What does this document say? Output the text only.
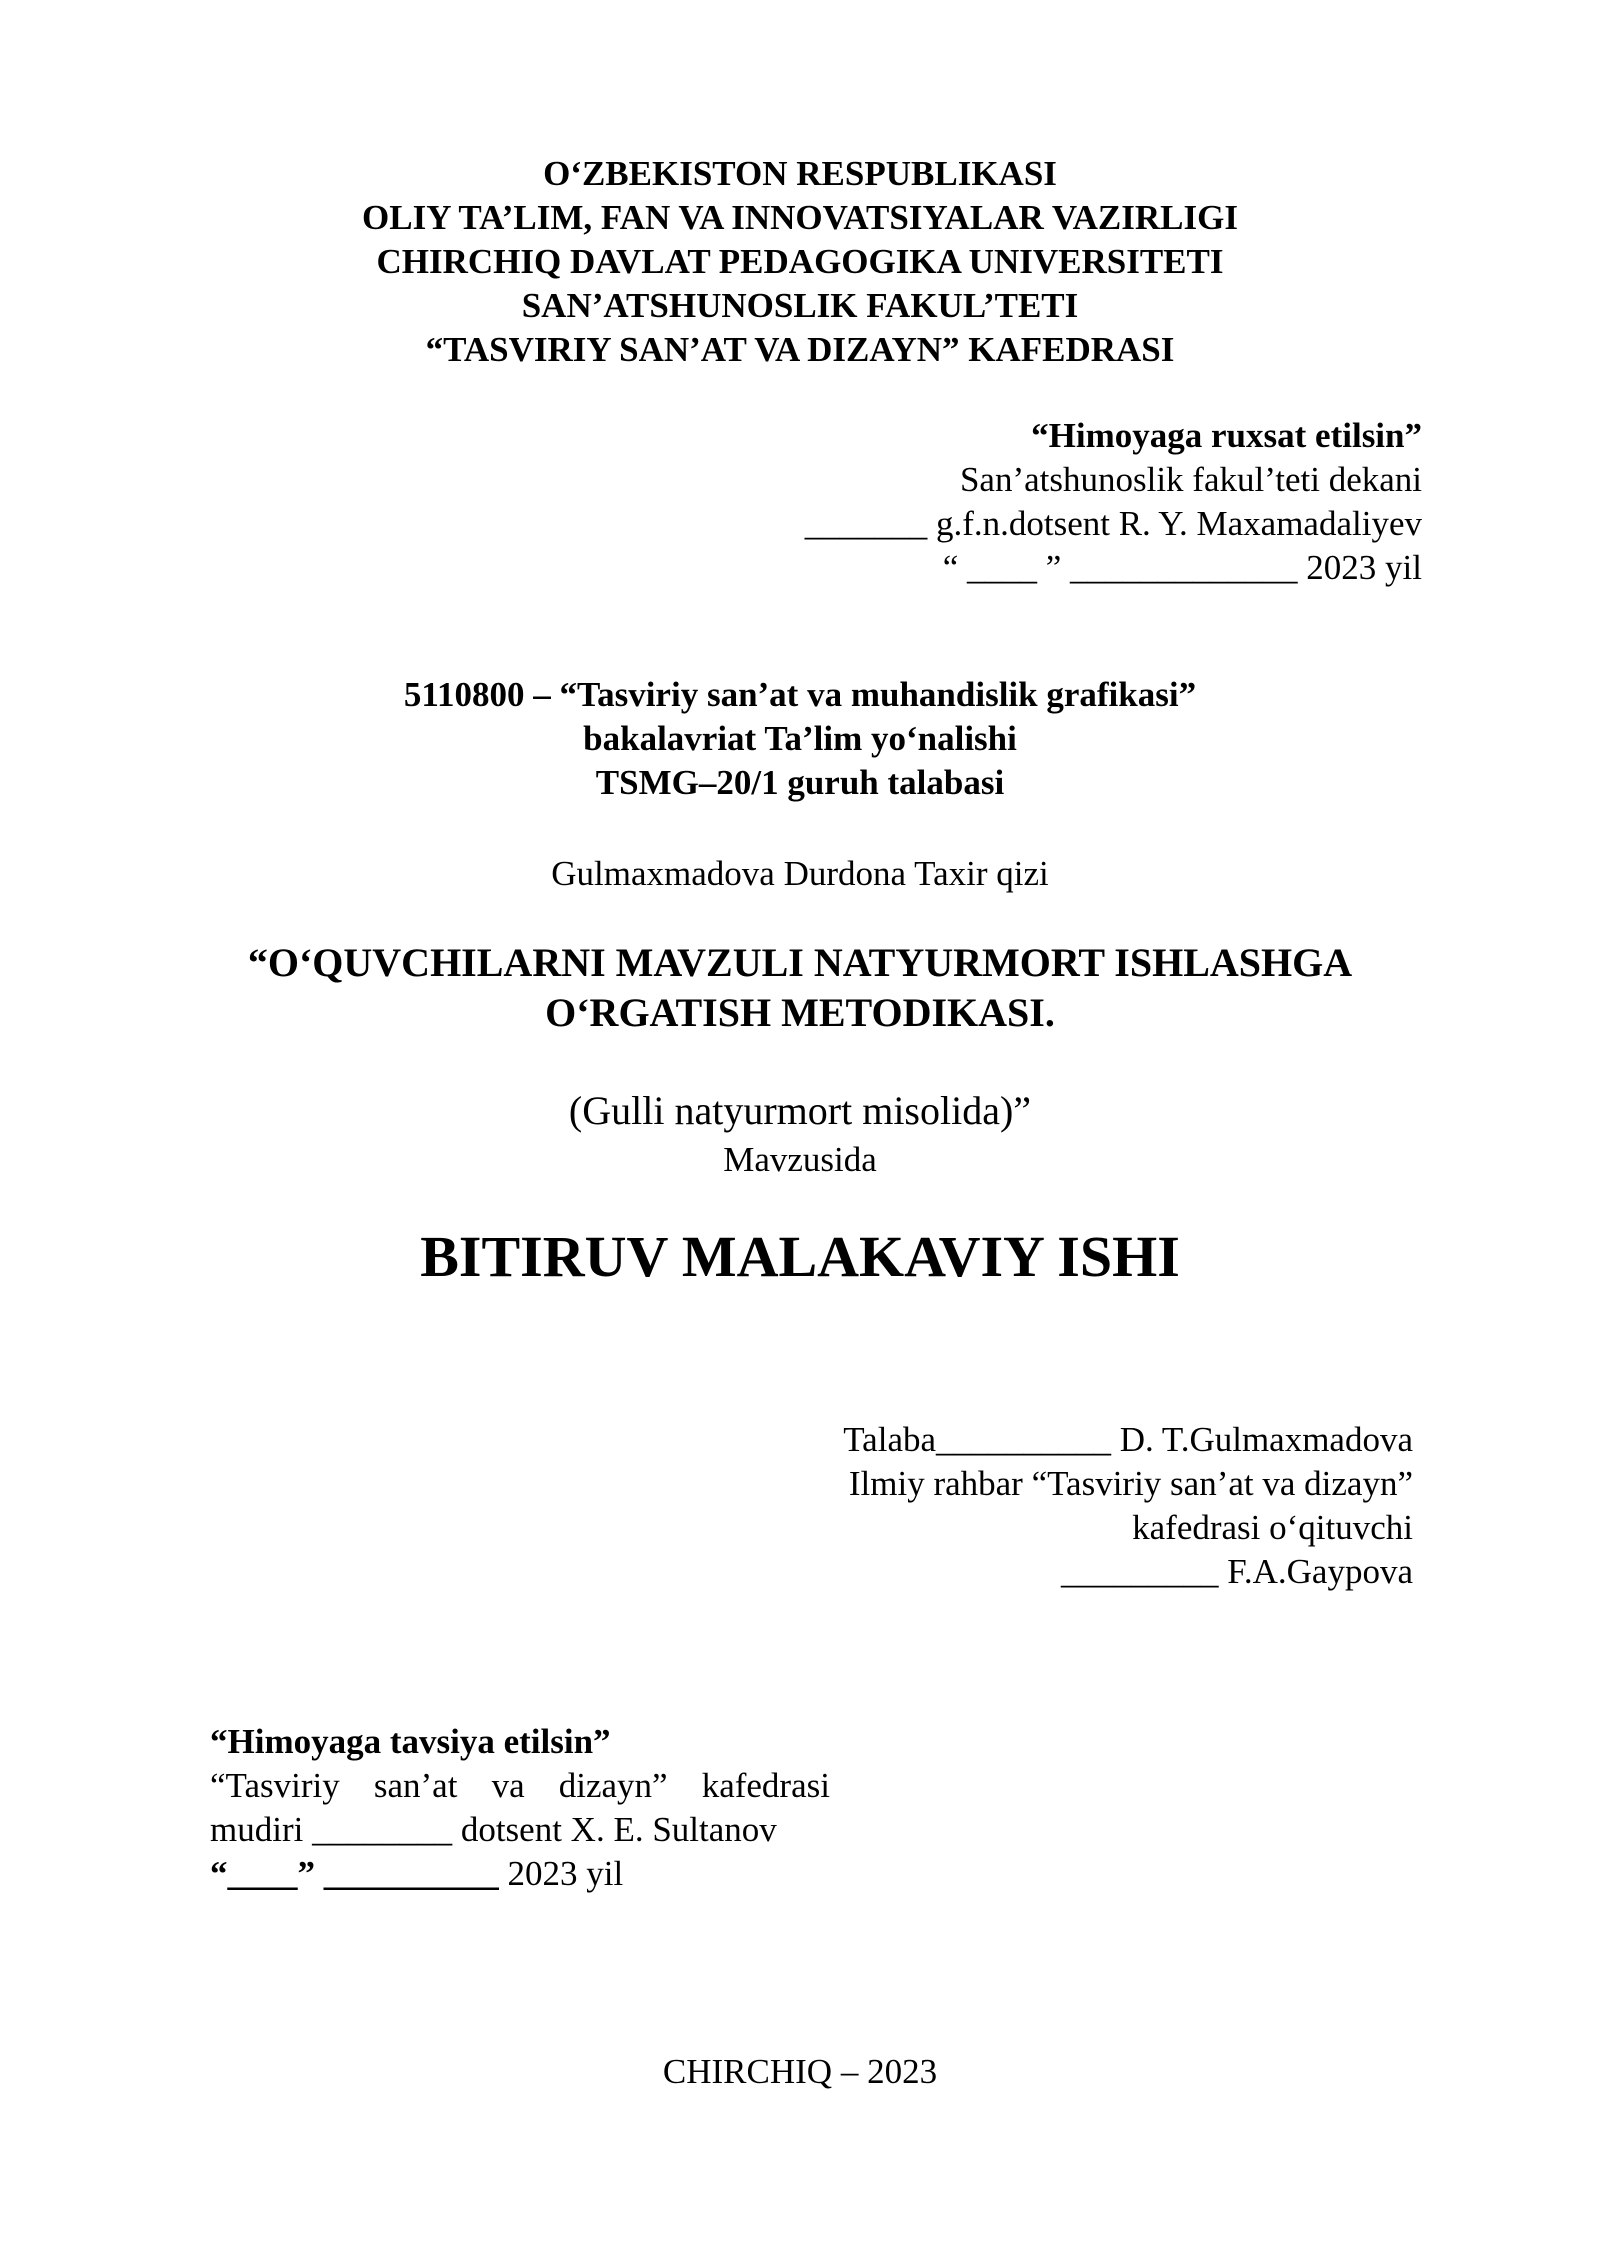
O‘ZBEKISTON RESPUBLIKASI
OLIY TA’LIM, FAN VA INNOVATSIYALAR VAZIRLIGI
CHIRCHIQ DAVLAT PEDAGOGIKA UNIVERSITETI
SAN’ATSHUNOSLIK FAKUL’TETI
“TASVIRIY SAN’AT VA DIZAYN” KAFEDRASI
“Himoyaga ruxsat etilsin”
San’atshunoslik fakul’teti dekani
_______ g.f.n.dotsent R. Y. Maxamadaliyev
“ ____ ” _____________ 2023 yil
5110800 – “Tasviriy san’at va muhandislik grafikasi”
bakalavriat Ta’lim yo‘nalishi
TSMG–20/1 guruh talabasi
Gulmaxmadova Durdona Taxir qizi
“O‘QUVCHILARNI MAVZULI NATYURMORT ISHLASHGA
O‘RGATISH METODIKASI.
(Gulli natyurmort misolida)”
Mavzusida
BITIRUV MALAKAVIY ISHI
Talaba__________ D. T.Gulmaxmadova
Ilmiy rahbar “Tasviriy san’at va dizayn”
kafedrasi o‘qituvchi
_________ F.A.Gaypova
“Himoyaga tavsiya etilsin”
“Tasviriy san’at va dizayn” kafedrasi
mudiri ________ dotsent X. E. Sultanov
“____” __________ 2023 yil
CHIRCHIQ – 2023
